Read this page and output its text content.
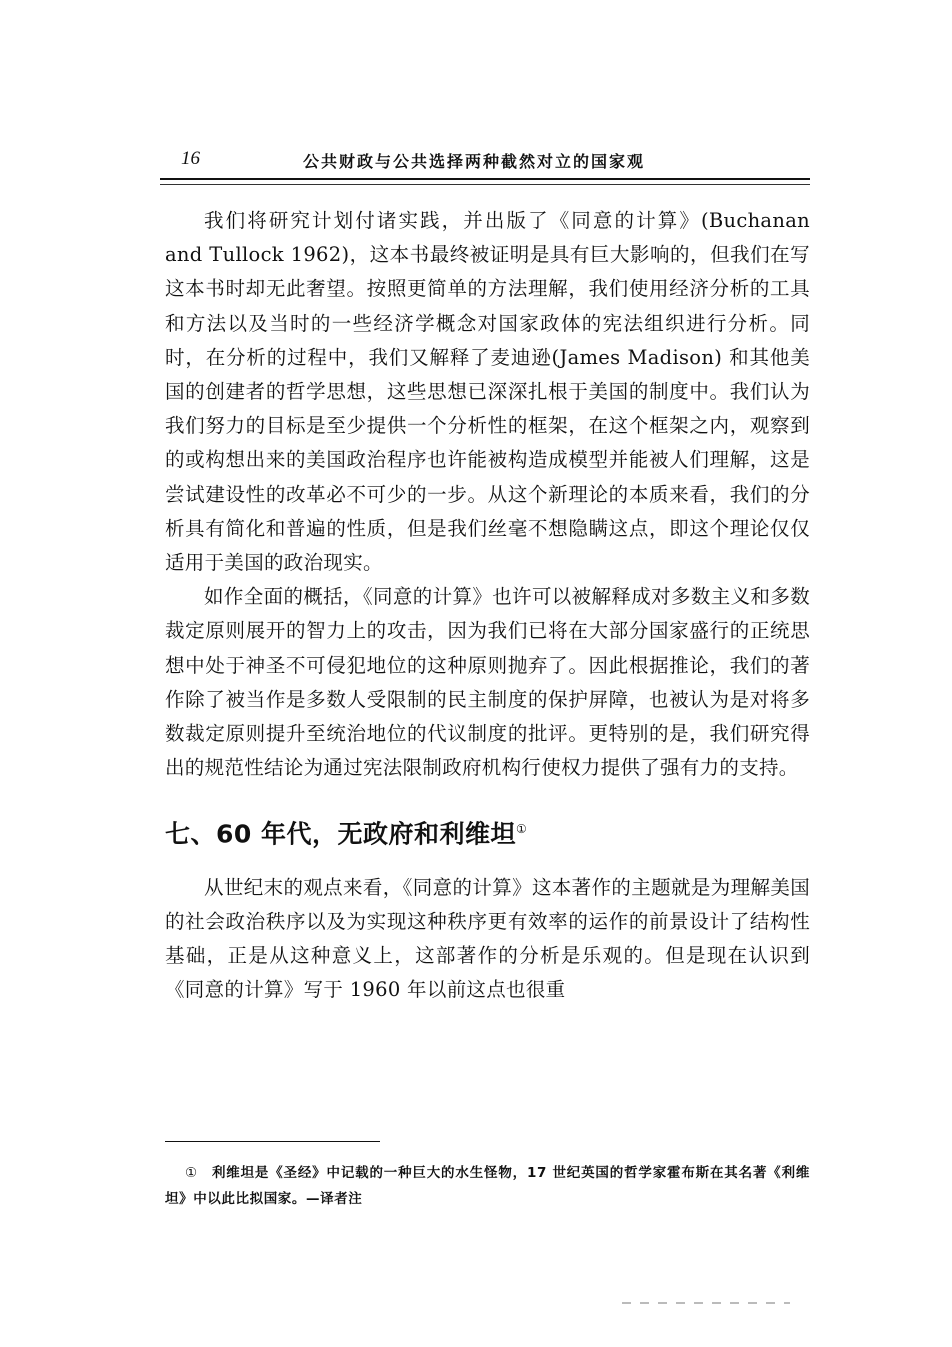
16	公共财政与公共选择两种截然对立的国家观

我们将研究计划付诸实践，并出版了《同意的计算》(Buchanan and Tullock 1962)，这本书最终被证明是具有巨大影响的，但我们在写这本书时却无此奢望。按照更简单的方法理解，我们使用经济分析的工具和方法以及当时的一些经济学概念对国家政体的宪法组织进行分析。同时，在分析的过程中，我们又解释了麦迪逊(James Madison) 和其他美国的创建者的哲学思想，这些思想已深深扎根于美国的制度中。我们认为我们努力的目标是至少提供一个分析性的框架，在这个框架之内，观察到的或构想出来的美国政治程序也许能被构造成模型并能被人们理解，这是尝试建设性的改革必不可少的一步。从这个新理论的本质来看，我们的分析具有简化和普遍的性质，但是我们丝毫不想隐瞒这点，即这个理论仅仅适用于美国的政治现实。

如作全面的概括，《同意的计算》也许可以被解释成对多数主义和多数裁定原则展开的智力上的攻击，因为我们已将在大部分国家盛行的正统思想中处于神圣不可侵犯地位的这种原则抛弃了。因此根据推论，我们的著作除了被当作是多数人受限制的民主制度的保护屏障，也被认为是对将多数裁定原则提升至统治地位的代议制度的批评。更特别的是，我们研究得出的规范性结论为通过宪法限制政府机构行使权力提供了强有力的支持。

七、60 年代，无政府和利维坦①

从世纪末的观点来看，《同意的计算》这本著作的主题就是为理解美国的社会政治秩序以及为实现这种秩序更有效率的运作的前景设计了结构性基础，正是从这种意义上，这部著作的分析是乐观的。但是现在认识到《同意的计算》写于 1960 年以前这点也很重

① 利维坦是《圣经》中记载的一种巨大的水生怪物，17 世纪英国的哲学家霍布斯在其名著《利维坦》中以此比拟国家。—译者注
